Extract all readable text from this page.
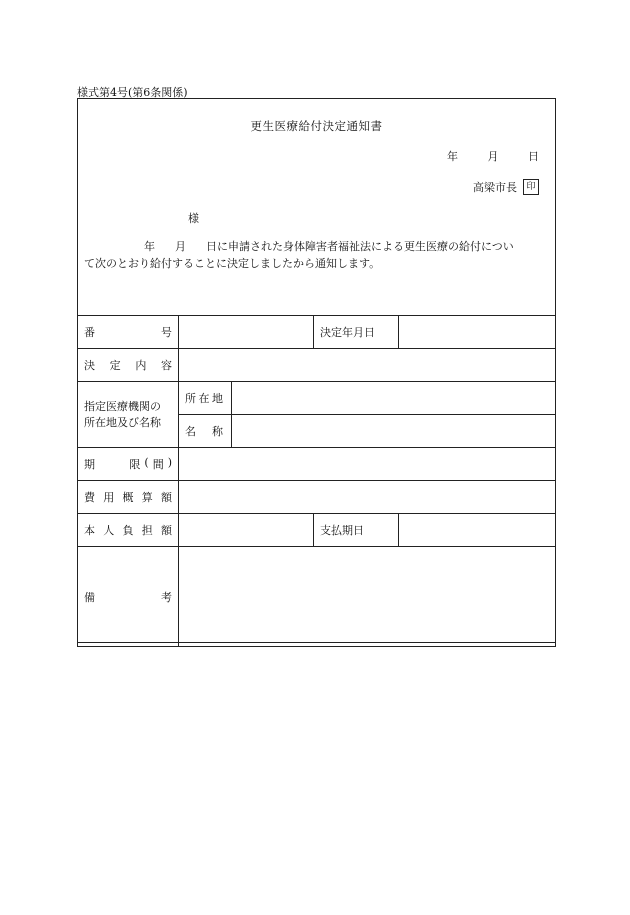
様式第4号(第6条関係)
更生医療給付決定通知書
年	月	日
高梁市長	印
様
年 月 日に申請された身体障害者福祉法による更生医療の給付につい
て次のとおり給付することに決定しましたから通知します。
番	号		決定年月日	

決 定 内 容

指定医療機関の
所在地及び名称

所 在 地

名 称

期	限 ( 間 )

費 用 概 算 額

本 人 負 担 額		支払期日	

備	考
